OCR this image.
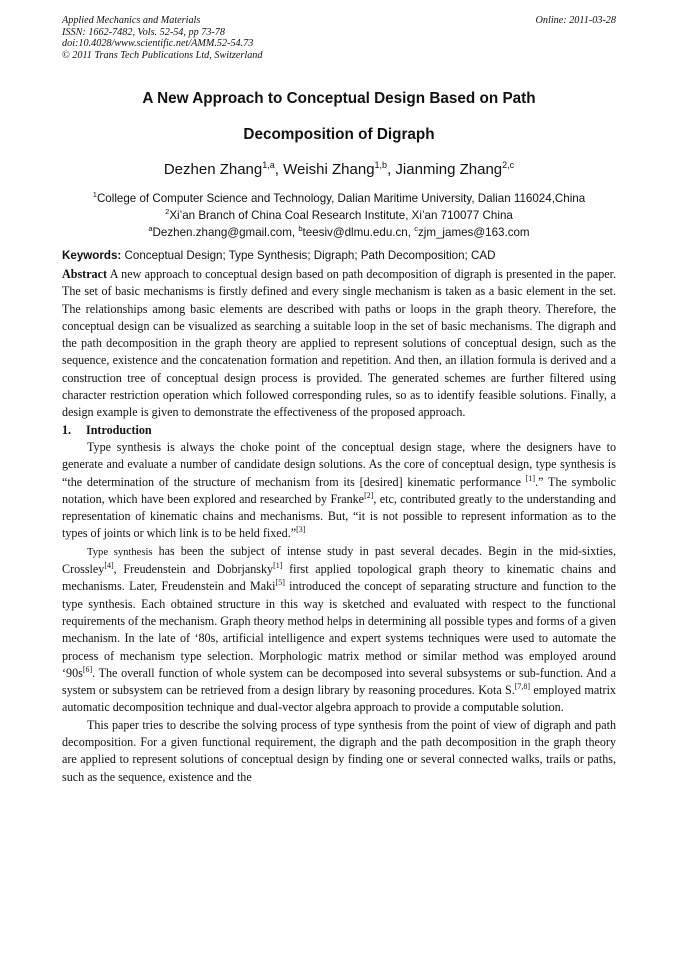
Applied Mechanics and Materials
ISSN: 1662-7482, Vols. 52-54, pp 73-78
doi:10.4028/www.scientific.net/AMM.52-54.73
© 2011 Trans Tech Publications Ltd, Switzerland
Online: 2011-03-28
A New Approach to Conceptual Design Based on Path
Decomposition of Digraph
Dezhen Zhang$^{1,a}$, Weishi Zhang$^{1,b}$, Jianming Zhang$^{2,c}$
$^1$College of Computer Science and Technology, Dalian Maritime University, Dalian 116024,China
$^2$Xi’an Branch of China Coal Research Institute, Xi’an 710077 China
$^a$Dezhen.zhang@gmail.com, $^b$teesiv@dlmu.edu.cn, $^c$zjm_james@163.com
Keywords: Conceptual Design; Type Synthesis; Digraph; Path Decomposition; CAD

Abstract A new approach to conceptual design based on path decomposition of digraph is presented in the paper. The set of basic mechanisms is firstly defined and every single mechanism is taken as a basic element in the set. The relationships among basic elements are described with paths or loops in the graph theory. Therefore, the conceptual design can be visualized as searching a suitable loop in the set of basic mechanisms. The digraph and the path decomposition in the graph theory are applied to represent solutions of conceptual design, such as the sequence, existence and the concatenation formation and repetition. And then, an illation formula is derived and a construction tree of conceptual design process is provided. The generated schemes are further filtered using character restriction operation which followed corresponding rules, so as to identify feasible solutions. Finally, a design example is given to demonstrate the effectiveness of the proposed approach.

1. Introduction

Type synthesis is always the choke point of the conceptual design stage, where the designers have to generate and evaluate a number of candidate design solutions. As the core of conceptual design, type synthesis is “the determination of the structure of mechanism from its [desired] kinematic performance [1].” The symbolic notation, which have been explored and researched by Franke[2], etc, contributed greatly to the understanding and representation of kinematic chains and mechanisms. But, “it is not possible to represent information as to the types of joints or which link is to be held fixed.”[3]

Type synthesis has been the subject of intense study in past several decades. Begin in the mid-sixties, Crossley[4], Freudenstein and Dobrjansky[1] first applied topological graph theory to kinematic chains and mechanisms. Later, Freudenstein and Maki[5] introduced the concept of separating structure and function to the type synthesis. Each obtained structure in this way is sketched and evaluated with respect to the functional requirements of the mechanism. Graph theory method helps in determining all possible types and forms of a given mechanism. In the late of ‘80s, artificial intelligence and expert systems techniques were used to automate the process of mechanism type selection. Morphologic matrix method or similar method was employed around ‘90s[6]. The overall function of whole system can be decomposed into several subsystems or sub-function. And a system or subsystem can be retrieved from a design library by reasoning procedures. Kota S.[7,8] employed matrix automatic decomposition technique and dual-vector algebra approach to provide a computable solution.

This paper tries to describe the solving process of type synthesis from the point of view of digraph and path decomposition. For a given functional requirement, the digraph and the path decomposition in the graph theory are applied to represent solutions of conceptual design by finding one or several connected walks, trails or paths, such as the sequence, existence and the
